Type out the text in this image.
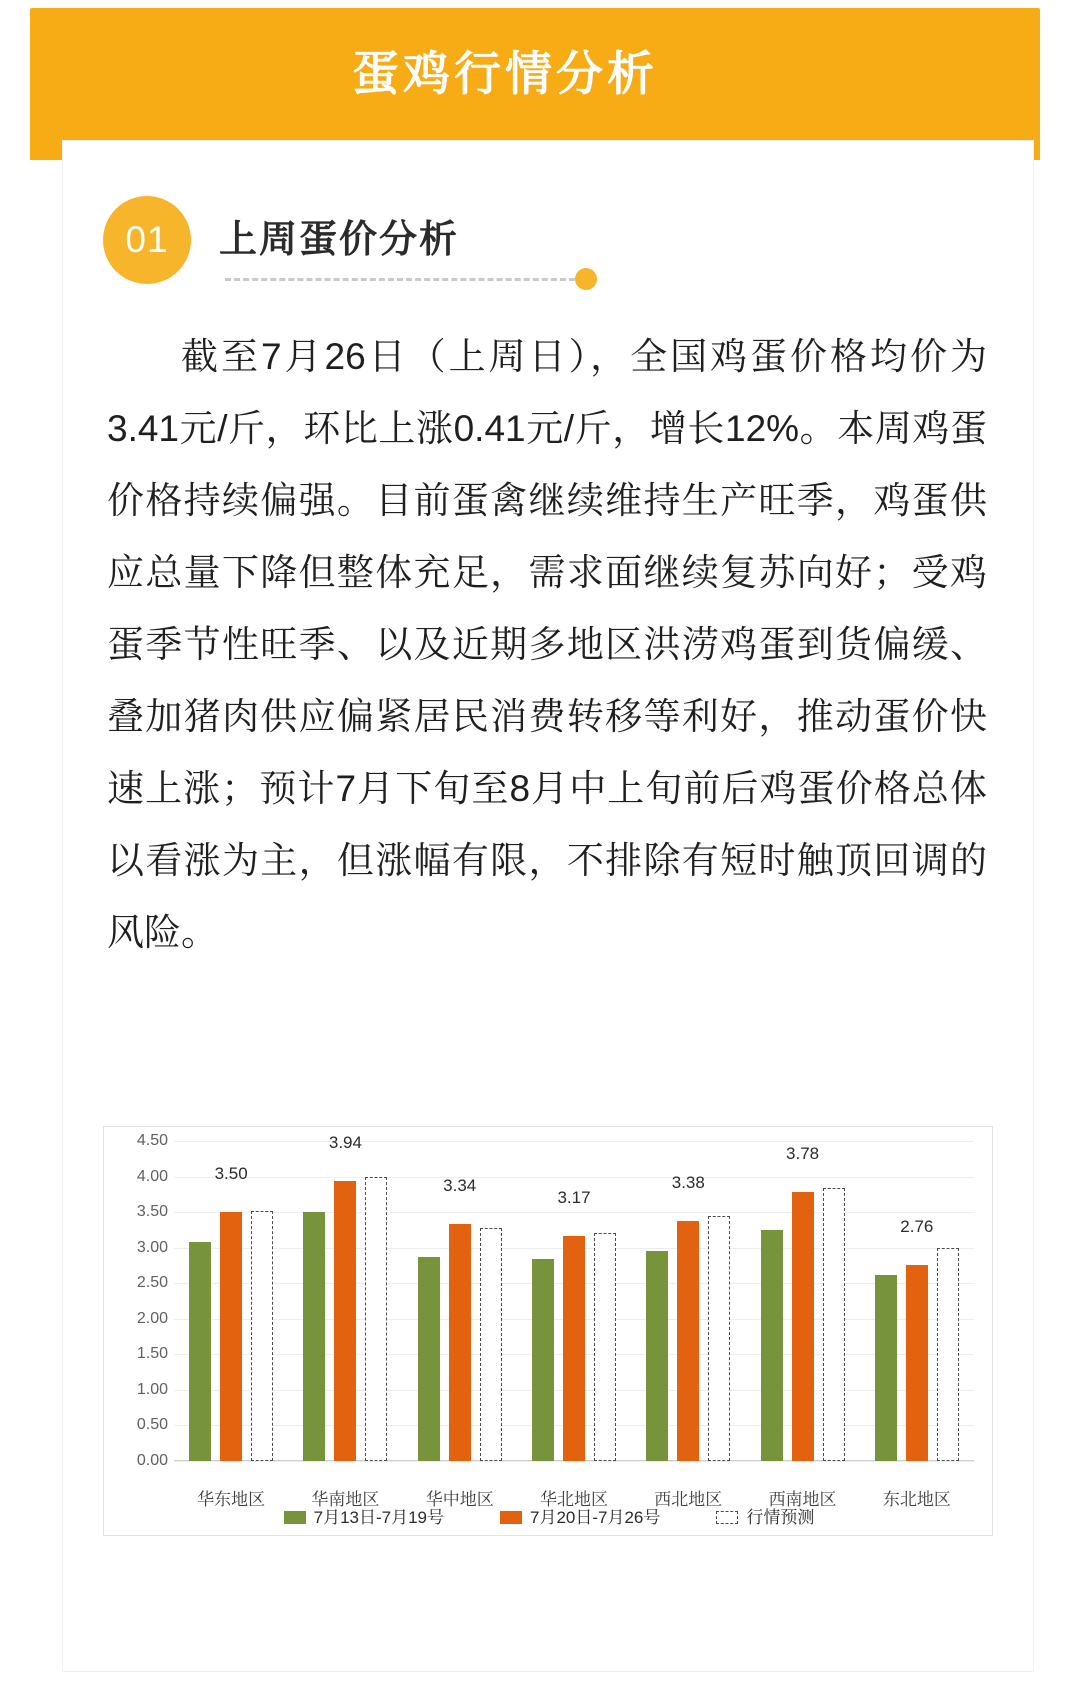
蛋鸡行情分析
01	上周蛋价分析
截至7月26日（上周日），全国鸡蛋价格均价为3.41元/斤，环比上涨0.41元/斤，增长12%。本周鸡蛋价格持续偏强。目前蛋禽继续维持生产旺季，鸡蛋供应总量下降但整体充足，需求面继续复苏向好；受鸡蛋季节性旺季、以及近期多地区洪涝鸡蛋到货偏缓、叠加猪肉供应偏紧居民消费转移等利好，推动蛋价快速上涨；预计7月下旬至8月中上旬前后鸡蛋价格总体以看涨为主，但涨幅有限，不排除有短时触顶回调的风险。
0.00
0.50
1.00
1.50
2.00
2.50
3.00
3.50
4.00
4.50
华东地区
3.50
华南地区
3.94
华中地区
3.34
华北地区
3.17
西北地区
3.38
西南地区
3.78
东北地区
2.76
7月13日-7月19号	7月20日-7月26号	行情预测
